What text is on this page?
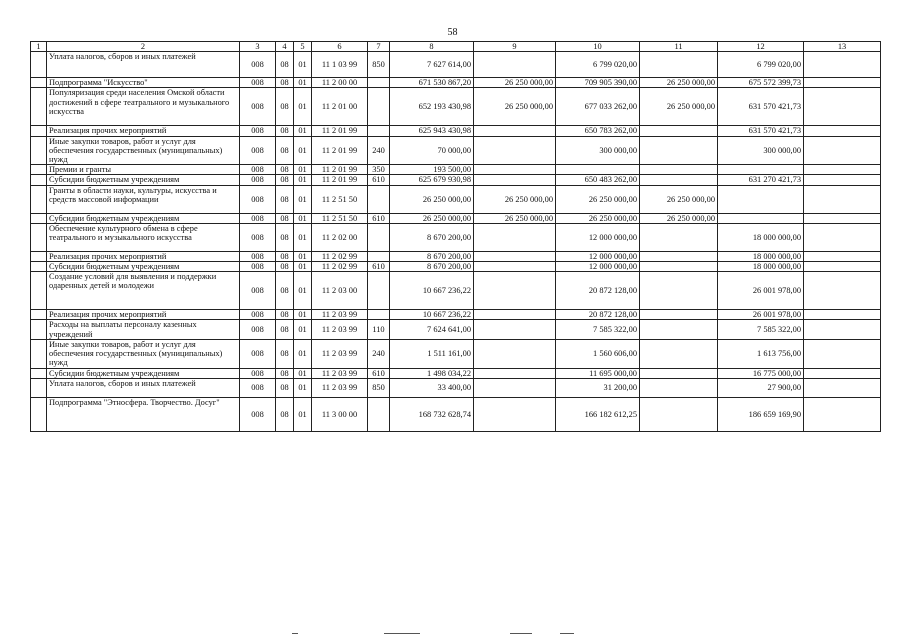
58
1	2	3	4	5	6	7	8	9	10	11	12	13
	Уплата налогов, сборов и иных платежей	008	08	01	11 1 03 99	850	7 627 614,00		6 799 020,00		6 799 020,00	
	Подпрограмма "Искусство"	008	08	01	11 2 00 00		671 530 867,20	26 250 000,00	709 905 390,00	26 250 000,00	675 572 399,73	
	Популяризация среди населения Омской области достижений в сфере театрального и музыкального искусства	008	08	01	11 2 01 00		652 193 430,98	26 250 000,00	677 033 262,00	26 250 000,00	631 570 421,73	
	Реализация прочих мероприятий	008	08	01	11 2 01 99		625 943 430,98		650 783 262,00		631 570 421,73	
	Иные закупки товаров, работ и услуг для обеспечения государственных (муниципальных) нужд	008	08	01	11 2 01 99	240	70 000,00		300 000,00		300 000,00	
	Премии и гранты	008	08	01	11 2 01 99	350	193 500,00					
	Субсидии бюджетным учреждениям	008	08	01	11 2 01 99	610	625 679 930,98		650 483 262,00		631 270 421,73	
	Гранты в области науки, культуры, искусства и средств массовой информации	008	08	01	11 2 51 50		26 250 000,00	26 250 000,00	26 250 000,00	26 250 000,00		
	Субсидии бюджетным учреждениям	008	08	01	11 2 51 50	610	26 250 000,00	26 250 000,00	26 250 000,00	26 250 000,00		
	Обеспечение культурного обмена в сфере театрального и музыкального искусства	008	08	01	11 2 02 00		8 670 200,00		12 000 000,00		18 000 000,00	
	Реализация прочих мероприятий	008	08	01	11 2 02 99		8 670 200,00		12 000 000,00		18 000 000,00	
	Субсидии бюджетным учреждениям	008	08	01	11 2 02 99	610	8 670 200,00		12 000 000,00		18 000 000,00	
	Создание условий для выявления и поддержки одаренных детей и молодежи	008	08	01	11 2 03 00		10 667 236,22		20 872 128,00		26 001 978,00	
	Реализация прочих мероприятий	008	08	01	11 2 03 99		10 667 236,22		20 872 128,00		26 001 978,00	
	Расходы на выплаты персоналу казенных учреждений	008	08	01	11 2 03 99	110	7 624 641,00		7 585 322,00		7 585 322,00	
	Иные закупки товаров, работ и услуг для обеспечения государственных (муниципальных) нужд	008	08	01	11 2 03 99	240	1 511 161,00		1 560 606,00		1 613 756,00	
	Субсидии бюджетным учреждениям	008	08	01	11 2 03 99	610	1 498 034,22		11 695 000,00		16 775 000,00	
	Уплата налогов, сборов и иных платежей	008	08	01	11 2 03 99	850	33 400,00		31 200,00		27 900,00	
	Подпрограмма "Этносфера. Творчество. Досуг"	008	08	01	11 3 00 00		168 732 628,74		166 182 612,25		186 659 169,90	
